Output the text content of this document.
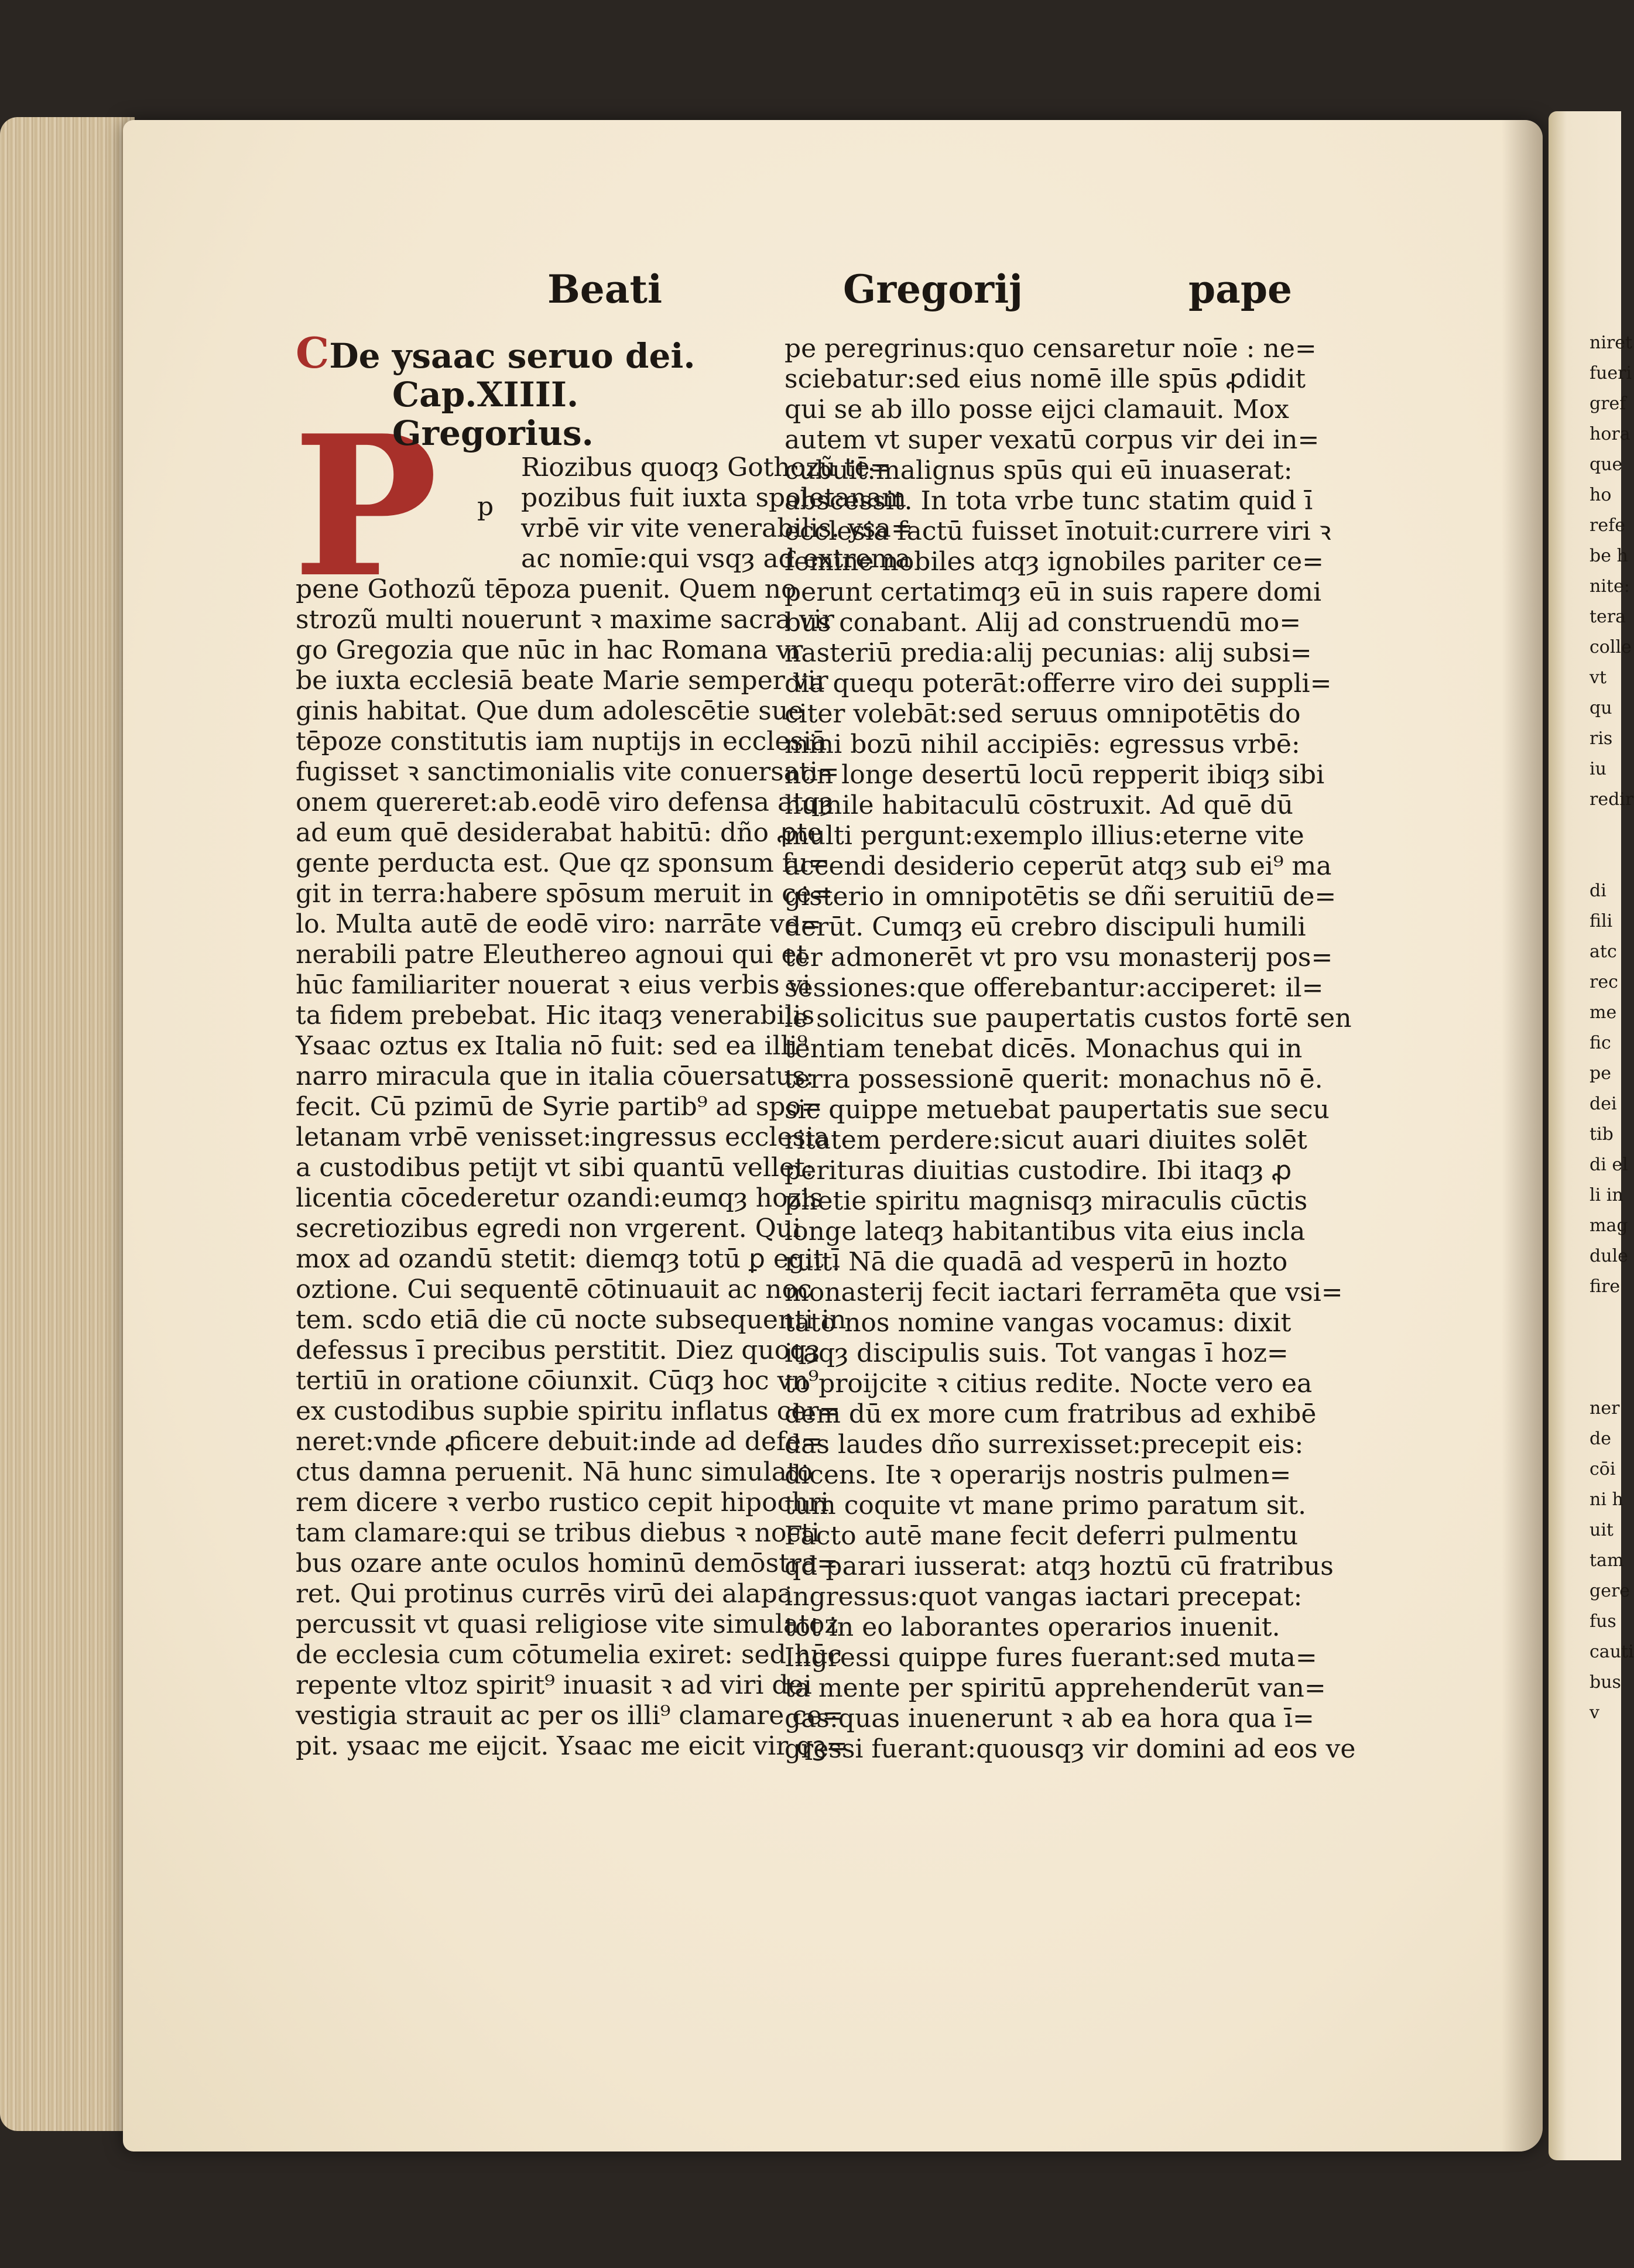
Beati	Gregorij	pape
P p
CDe ysaac seruo dei.
Cap.XIIII.
Gregorius.
Riozibus quoqȝ Gothozũ tē=
pozibus fuit iuxta spoletanam
vrbē vir vite venerabilis. ysa=
ac nomīe:qui vsqȝ ad extrema
pene Gothozũ tēpoza puenit. Quem no
strozũ multi nouerunt ꝛ maxime sacra vir
go Gregozia que nūc in hac Romana vr
be iuxta ecclesiā beate Marie semper vir
ginis habitat. Que dum adolescētie sue
tēpoze constitutis iam nuptijs in ecclesiā
fugisset ꝛ sanctimonialis vite conuersati=
onem quereret:ab.eodē viro defensa atqȝ
ad eum quē desiderabat habitū: dño ꝓte
gente perducta est. Que qz sponsum fu=
git in terra:habere spōsum meruit in ce=
lo. Multa autē de eodē viro: narrāte ve=
nerabili patre Eleuthereo agnoui qui et
hūc familiariter nouerat ꝛ eius verbis vi
ta fidem prebebat. Hic itaqȝ venerabilis
Ysaac oztus ex Italia nō fuit: sed ea illi⁹
narro miracula que in italia cōuersatus:
fecit. Cū pzimū de Syrie partib⁹ ad spo=
letanam vrbē venisset:ingressus ecclesia
a custodibus petijt vt sibi quantū vellet:
licentia cōcederetur ozandi:eumqȝ hozis
secretiozibus egredi non vrgerent. Qui
mox ad ozandū stetit: diemqȝ totū ꝑ egit ī
oztione. Cui sequentē cōtinuauit ac noc
tem. scdo etiā die cū nocte subsequenti in
defessus ī precibus perstitit. Diez quoqȝ
tertiū in oratione cōiunxit. Cūqȝ hoc vn⁹
ex custodibus supbie spiritu inflatus cer=
neret:vnde ꝓficere debuit:inde ad defe=
ctus damna peruenit. Nā hunc simulato
rem dicere ꝛ verbo rustico cepit hipochri
tam clamare:qui se tribus diebus ꝛ nocti
bus ozare ante oculos hominū demōstra=
ret. Qui protinus currēs virū dei alapa
percussit vt quasi religiose vite simulatoz
de ecclesia cum cōtumelia exiret: sed hūc
repente vltoz spirit⁹ inuasit ꝛ ad viri dei
vestigia strauit ac per os illi⁹ clamare ce=
pit. ysaac me eijcit. Ysaac me eicit vir qꝫ=
pe peregrinus:quo censaretur noīe : ne=
sciebatur:sed eius nomē ille spūs ꝓdidit
qui se ab illo posse eijci clamauit. Mox
autem vt super vexatū corpus vir dei in=
cubuit:malignus spūs qui eū inuaserat:
abscessit. In tota vrbe tunc statim quid ī
ecclesia factū fuisset īnotuit:currere viri ꝛ
femine nobiles atqȝ ignobiles pariter ce=
perunt certatimqȝ eū in suis rapere domi
bus conabant. Alij ad construendū mo=
nasteriū predia:alij pecunias: alij subsi=
dia quequ poterāt:offerre viro dei suppli=
citer volebāt:sed seruus omnipotētis do
mini bozū nihil accipiēs: egressus vrbē:
non longe desertū locū repperit ibiqȝ sibi
humile habitaculū cōstruxit. Ad quē dū
multi pergunt:exemplo illius:eterne vite
accendi desiderio ceperūt atqȝ sub ei⁹ ma
gisterio in omnipotētis se dñi seruitiū de=
derūt. Cumqȝ eū crebro discipuli humili
ter admonerēt vt pro vsu monasterij pos=
sessiones:que offerebantur:acciperet: il=
le solicitus sue paupertatis custos fortē sen
tentiam tenebat dicēs. Monachus qui in
terra possessionē querit: monachus nō ē.
sic quippe metuebat paupertatis sue secu
ritatem perdere:sicut auari diuites solēt
perituras diuitias custodire. Ibi itaqȝ ꝓ
phetie spiritu magnisqȝ miraculis cūctis
longe lateqȝ habitantibus vita eius incla
ruit. Nā die quadā ad vesperū in hozto
monasterij fecit iactari ferramēta que vsi=
tato nos nomine vangas vocamus: dixit
itaqȝ discipulis suis. Tot vangas ī hoz=
to proijcite ꝛ citius redite. Nocte vero ea
dem dū ex more cum fratribus ad exhibē
das laudes dño surrexisset:precepit eis:
dicens. Ite ꝛ operarijs nostris pulmen=
tum coquite vt mane primo paratum sit.
Facto autē mane fecit deferri pulmentu
qđ parari iusserat: atqȝ hoztū cū fratribus
ingressus:quot vangas iactari precepat:
tot in eo laborantes operarios inuenit.
Ingressi quippe fures fuerant:sed muta=
ta mente per spiritū apprehenderūt van=
gas:quas inuenerunt ꝛ ab ea hora qua ī=
gressi fuerant:quousqȝ vir domini ad eos ve
niret
fueri
gref
hora
que
ho
refe
be h
nite:
tera
colle
vt qu
ris iu
redir

di
fili
atc
rec
me
fic
pe
dei
tib
di el
li in
mag
dule
fire

ner
de
cōi
ni h
uit
tam
gere
fus
cauti
bus v
